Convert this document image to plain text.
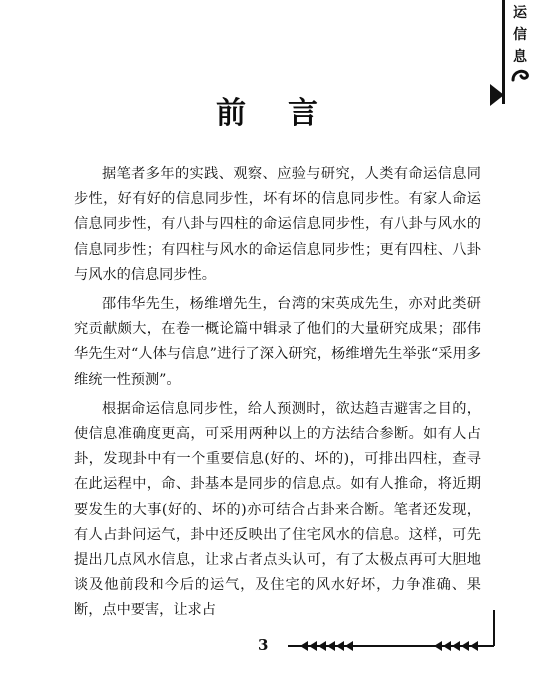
运
信
息
前言

据笔者多年的实践、观察、应验与研究，人类有命运信息同步性，好有好的信息同步性，坏有坏的信息同步性。有家人命运信息同步性，有八卦与四柱的命运信息同步性，有八卦与风水的信息同步性；有四柱与风水的命运信息同步性；更有四柱、八卦与风水的信息同步性。

邵伟华先生，杨维增先生，台湾的宋英成先生，亦对此类研究贡献颇大，在卷一概论篇中辑录了他们的大量研究成果；邵伟华先生对“人体与信息”进行了深入研究，杨维增先生举张“采用多维统一性预测”。

根据命运信息同步性，给人预测时，欲达趋吉避害之目的，使信息准确度更高，可采用两种以上的方法结合参断。如有人占卦，发现卦中有一个重要信息(好的、坏的)，可排出四柱，查寻在此运程中，命、卦基本是同步的信息点。如有人推命，将近期要发生的大事(好的、坏的)亦可结合占卦来合断。笔者还发现，有人占卦问运气，卦中还反映出了住宅风水的信息。这样，可先提出几点风水信息，让求占者点头认可，有了太极点再可大胆地谈及他前段和今后的运气，及住宅的风水好坏，力争准确、果断，点中要害，让求占

3
